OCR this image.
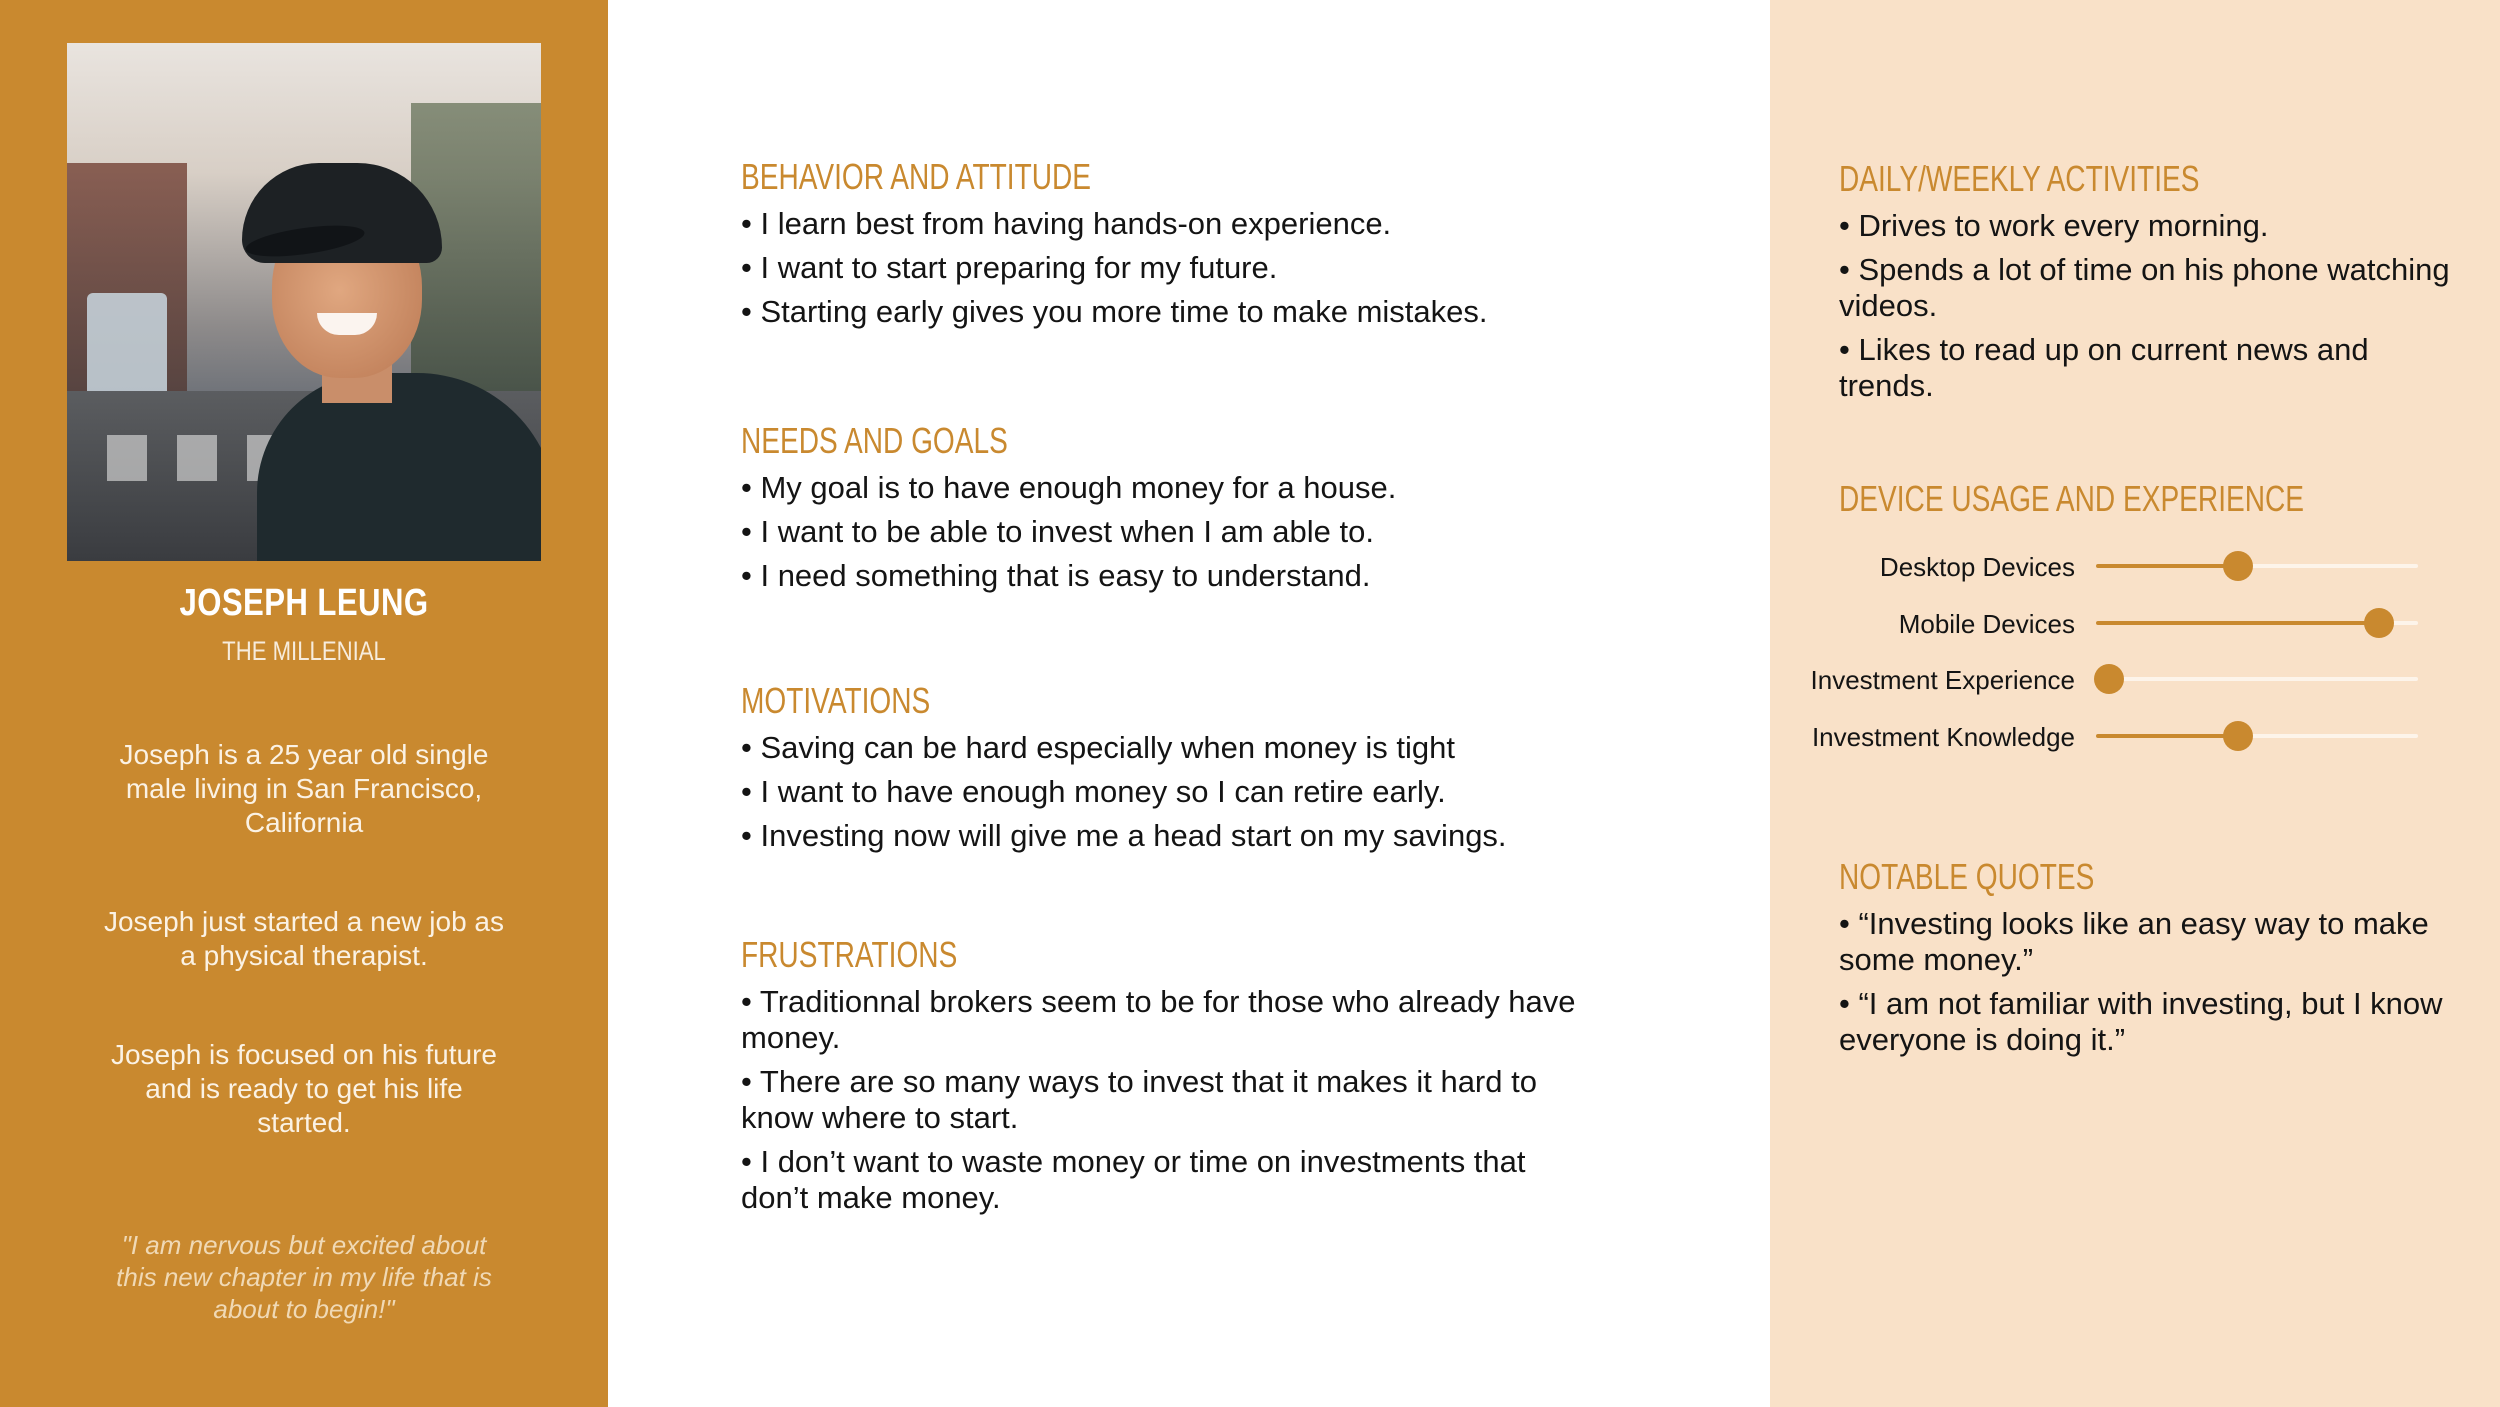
JOSEPH LEUNG
THE MILLENIAL
Joseph is a 25 year old single male living in San Francisco, California
Joseph just started a new job as a physical therapist.
Joseph is focused on his future and is ready to get his life started.
"I am nervous but excited about this new chapter in my life that is about to begin!"
BEHAVIOR AND ATTITUDE
• I learn best from having hands-on experience.
• I want to start preparing for my future.
• Starting early gives you more time to make mistakes.
NEEDS AND GOALS
• My goal is to have enough money for a house.
• I want to be able to invest when I am able to.
• I need something that is easy to understand.
MOTIVATIONS
• Saving can be hard especially when money is tight
• I want to have enough money so I can retire early.
• Investing now will give me a head start on my savings.
FRUSTRATIONS
• Traditionnal brokers seem to be for those who already have money.
• There are so many ways to invest that it makes it hard to know where to start.
• I don’t want to waste money or time on investments that don’t make money.
DAILY/WEEKLY ACTIVITIES
• Drives to work every morning.
• Spends a lot of time on his phone watching videos.
• Likes to read up on current news and trends.
DEVICE USAGE AND EXPERIENCE
Desktop Devices
Mobile Devices
Investment Experience
Investment Knowledge
NOTABLE QUOTES
• “Investing looks like an easy way to make some money.”
• “I am not familiar with investing, but I know everyone is doing it.”
